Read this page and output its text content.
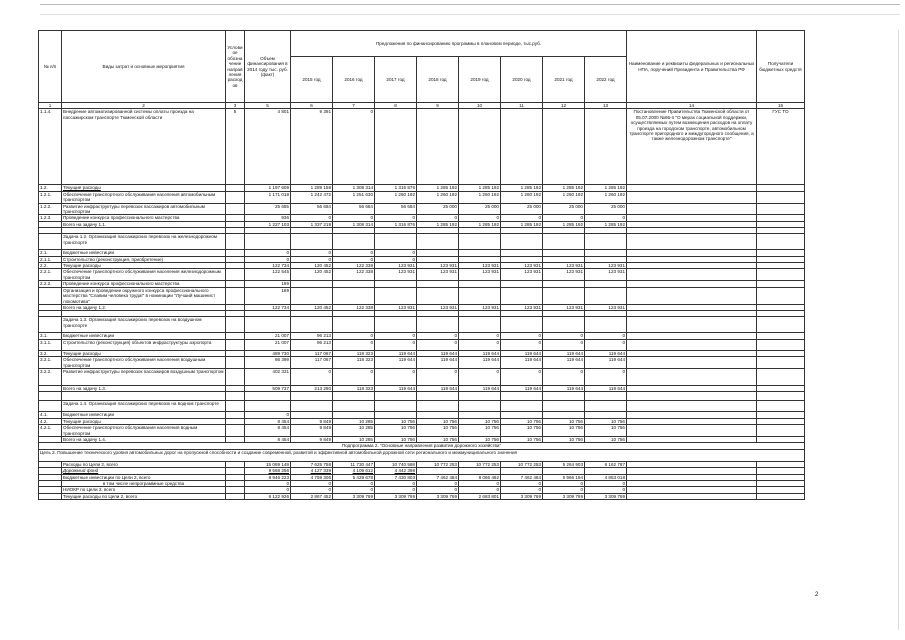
№ п/п	Виды затрат и основные мероприятия	Услови ое обозна чение направ ления расход ов	Объем финансирования в 2014 году тыс. руб. (факт)	Предложения по финансированию программы в плановом периоде, тыс.руб.								Наименование и реквизиты федеральных и региональных НПА, поручений Президента и Правительства РФ	Получатели бюджетных средств
				2015 год	2016 год	2017 год	2018 год	2019 год	2020 год	2021 год	2022 год		
1	2	3	5	6	7	8	9	10	11	12	13	14	15
1.1.4.	Внедрение автоматизированной системы оплаты проезда на пассажирском транспорте Тюменской области	5	4 801	9 391	0							Постановление Правительства Тюменской области от 05.07.2000 №66-п "О мерах социальной поддержки, осуществляемых путем возмещения расходов на оплату проезда на городском транспорте, автомобильном транспорте пригородного и междугородного сообщения, а также железнодорожном транспорте"	ГУС ТО
1.2.	Текущие расходы		1 197 609	1 289 158	1 308 314	1 316 876	1 285 192	1 285 192	1 285 192	1 285 192	1 285 192		
1.2.1.	Обеспечение транспортного обслуживания населения автомобильным транспортом		1 171 018	1 242 472	1 251 630	1 260 192	1 260 192	1 260 192	1 260 192	1 260 192	1 260 192		
1.2.2.	Развитие инфраструктуры перевозок пассажиров автомобильным транспортом		25 655	56 684	56 684	56 684	25 000	25 000	25 000	25 000	25 000		
1.2.3.	Проведение конкурса профессионального мастерства		936	0	0	0	0	0	0	0	0		
	Всего на задачу 1.1.		1 227 103	1 337 219	1 308 314	1 316 876	1 285 192	1 285 192	1 285 192	1 285 192	1 285 192		

	Задача 1.2. Организация пассажирских перевозок на железнодорожном транспорте												
2.1.	Бюджетные инвестиции		0	0	0	0							
2.1.1.	Строительство (реконструкция, приобретение)		0	0	0	0							
2.2.	Текущие расходы		122 734	120 452	122 338	123 931	123 931	123 931	123 931	123 931	123 931		
2.2.1.	Обеспечение транспортного обслуживания населения железнодорожным транспортом		122 545	120 452	122 338	123 931	123 931	123 931	123 931	123 931	123 931		
2.2.2.	Проведение конкурса профессионального мастерства		189										
	Организация и проведение окружного конкурса профессионального мастерства "Славим человека труда!" в номинации "Лучший машинист локомотива"		189										
	Всего на задачу 1.2.		122 734	120 452	122 338	123 931	123 931	123 931	123 931	123 931	123 931		

	Задача 1.3. Организация пассажирских перевозок на воздушном транспорте												
3.1.	Бюджетные инвестиции		21 007	96 213	0	0	0	0	0	0	0		
3.1.1.	Строительство (реконструкция) объектов инфраструктуры аэропорта		21 007	96 213	0	0	0	0	0	0	0		
3.2.	Текущие расходы		489 730	117 067	118 323	119 644	119 644	119 644	119 644	119 644	119 644		
3.2.1.	Обеспечение транспортного обслуживания населения воздушным транспортом		86 399	117 067	118 323	119 644	119 644	119 644	119 644	119 644	119 644		
3.2.2.	Развитие инфраструктуры перевозок пассажиров воздушным транспортом		402 331	0	0	0	0	0	0	0	0		
	Всего на задачу 1.3.		509 737	213 280	118 323	119 644	119 644	119 644	119 644	119 644	119 644		

	Задача 1.4. Организация пассажирских перевозок на водном транспорте												
4.1.	Бюджетные инвестиции		0										
4.2.	Текущие расходы		8 454	9 849	10 285	10 756	10 756	10 756	10 756	10 756	10 756		
4.2.1.	Обеспечение транспортного обслуживания населения водным транспортом		8 454	9 849	10 285	10 756	10 756	10 756	10 756	10 756	10 756		
	Всего на задачу 1.4.		8 454	9 849	10 285	10 756	10 756	10 756	10 756	10 756	10 756		
Подпрограмма 2. "Основные направления развития дорожного хозяйства"													
Цель 2. Повышение технического уровня автомобильных дорог на пропускной способности и создание современной, развитой и эффективной автомобильной дорожной сети регионального и межмуниципального значения													
	Расходы по Цели 2, всего		15 069 149	7 625 758	11 730 447	10 740 568	10 772 253	10 772 253	10 772 253	5 264 903	6 162 787		
	Дорожный фонд		9 568 256	4 127 339	4 109 612	4 442 398							
	Бюджетные инвестиции по Цели 2, всего		8 946 223	4 759 306	5 429 678	7 430 803	7 462 484	8 066 462	7 462 484	5 966 194	4 853 018		
	в том числе непрограммные средства		0	0	0	0	0	0	0	0	0		
	НИОКР по Цели 2, всего		0	0	0	0	0	0	0	0	0		
	Текущие расходы по Цели 2, всего		6 122 926	2 867 452	3 309 769	3 309 769	3 309 769	2 683 801	3 309 769	3 309 769	3 309 769		
2
